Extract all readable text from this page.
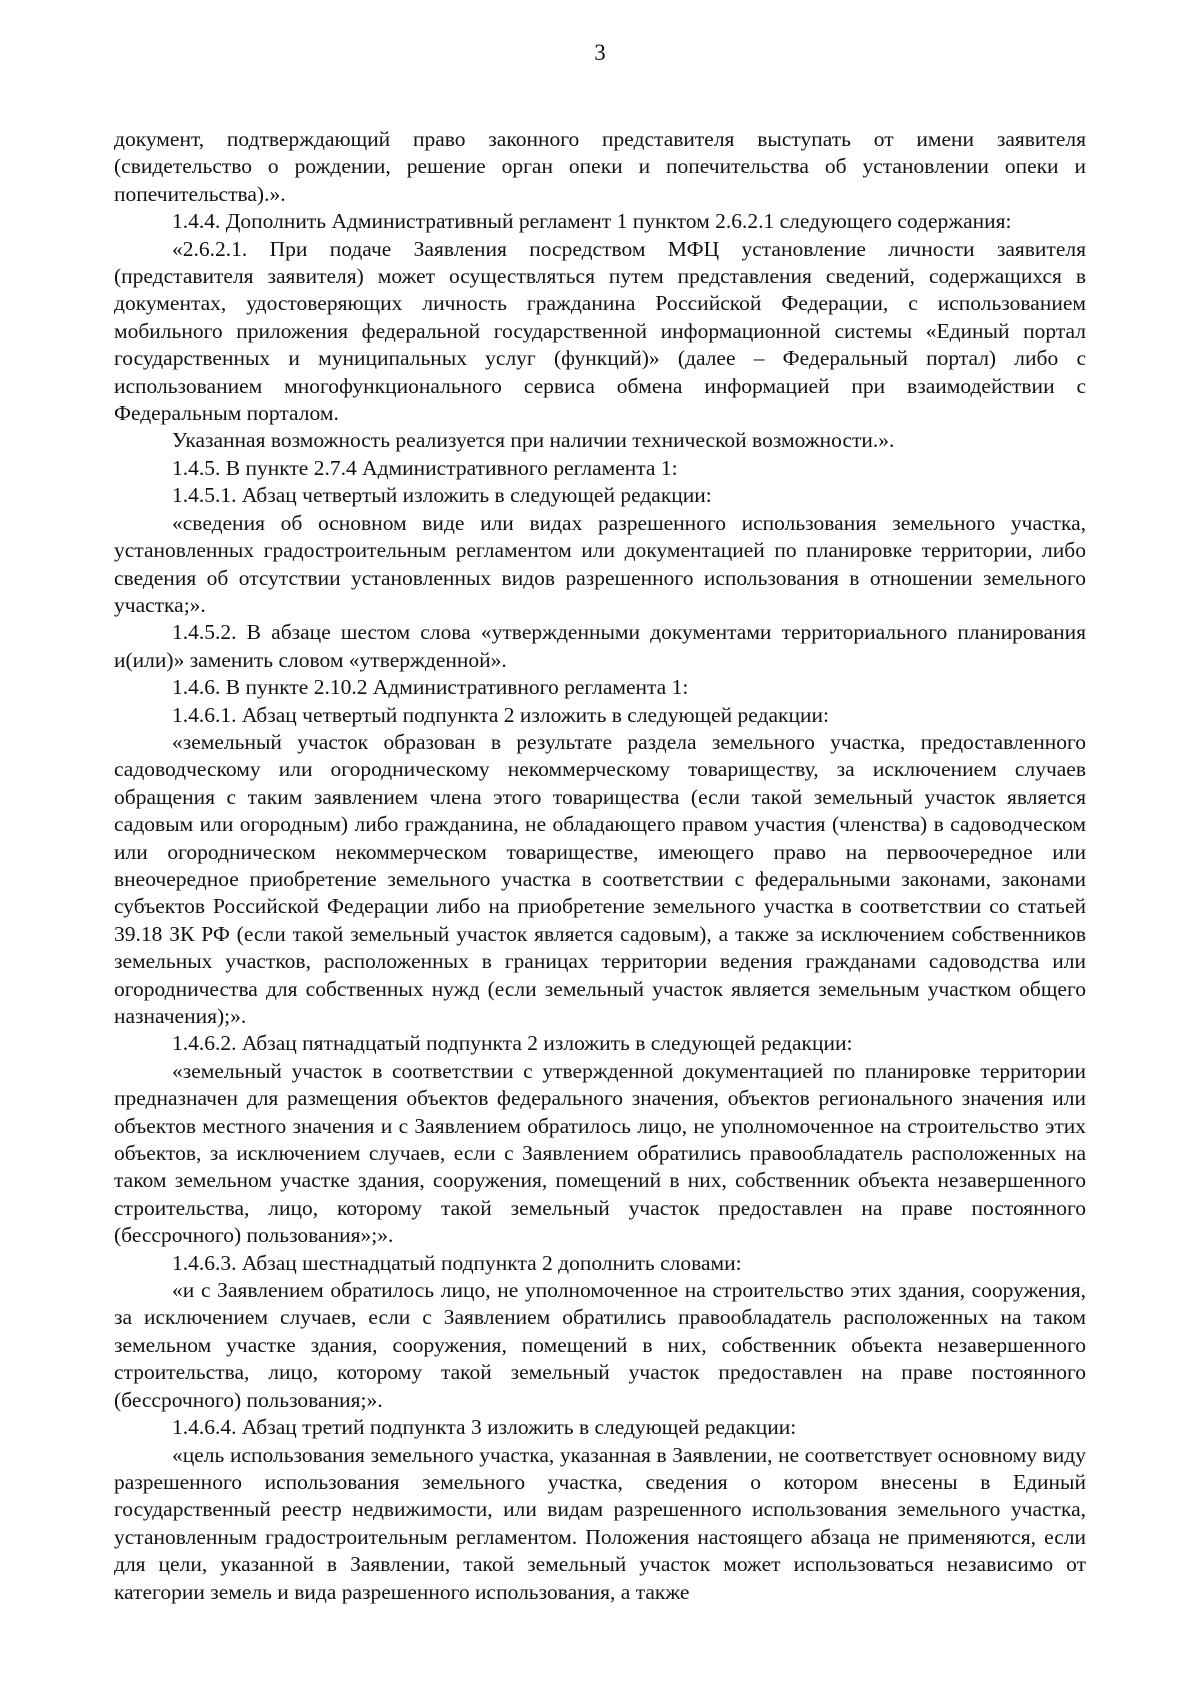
3

документ, подтверждающий право законного представителя выступать от имени заявителя (свидетельство о рождении, решение орган опеки и попечительства об установлении опеки и попечительства).».

1.4.4. Дополнить Административный регламент 1 пунктом 2.6.2.1 следующего содержания:

«2.6.2.1. При подаче Заявления посредством МФЦ установление личности заявителя (представителя заявителя) может осуществляться путем представления сведений, содержащихся в документах, удостоверяющих личность гражданина Российской Федерации, с использованием мобильного приложения федеральной государственной информационной системы «Единый портал государственных и муниципальных услуг (функций)» (далее – Федеральный портал) либо с использованием многофункционального сервиса обмена информацией при взаимодействии с Федеральным порталом.

Указанная возможность реализуется при наличии технической возможности.».

1.4.5. В пункте 2.7.4 Административного регламента 1:

1.4.5.1. Абзац четвертый изложить в следующей редакции:

«сведения об основном виде или видах разрешенного использования земельного участка, установленных градостроительным регламентом или документацией по планировке территории, либо сведения об отсутствии установленных видов разрешенного использования в отношении земельного участка;».

1.4.5.2. В абзаце шестом слова «утвержденными документами территориального планирования и(или)» заменить словом «утвержденной».

1.4.6. В пункте 2.10.2 Административного регламента 1:

1.4.6.1. Абзац четвертый подпункта 2 изложить в следующей редакции:

«земельный участок образован в результате раздела земельного участка, предоставленного садоводческому или огородническому некоммерческому товариществу, за исключением случаев обращения с таким заявлением члена этого товарищества (если такой земельный участок является садовым или огородным) либо гражданина, не обладающего правом участия (членства) в садоводческом или огородническом некоммерческом товариществе, имеющего право на первоочередное или внеочередное приобретение земельного участка в соответствии с федеральными законами, законами субъектов Российской Федерации либо на приобретение земельного участка в соответствии со статьей 39.18 ЗК РФ (если такой земельный участок является садовым), а также за исключением собственников земельных участков, расположенных в границах территории ведения гражданами садоводства или огородничества для собственных нужд (если земельный участок является земельным участком общего назначения);».

1.4.6.2. Абзац пятнадцатый подпункта 2 изложить в следующей редакции:

«земельный участок в соответствии с утвержденной документацией по планировке территории предназначен для размещения объектов федерального значения, объектов регионального значения или объектов местного значения и с Заявлением обратилось лицо, не уполномоченное на строительство этих объектов, за исключением случаев, если с Заявлением обратились правообладатель расположенных на таком земельном участке здания, сооружения, помещений в них, собственник объекта незавершенного строительства, лицо, которому такой земельный участок предоставлен на праве постоянного (бессрочного) пользования»;».

1.4.6.3. Абзац шестнадцатый подпункта 2 дополнить словами:

«и с Заявлением обратилось лицо, не уполномоченное на строительство этих здания, сооружения, за исключением случаев, если с Заявлением обратились правообладатель расположенных на таком земельном участке здания, сооружения, помещений в них, собственник объекта незавершенного строительства, лицо, которому такой земельный участок предоставлен на праве постоянного (бессрочного) пользования;».

1.4.6.4. Абзац третий подпункта 3 изложить в следующей редакции:

«цель использования земельного участка, указанная в Заявлении, не соответствует основному виду разрешенного использования земельного участка, сведения о котором внесены в Единый государственный реестр недвижимости, или видам разрешенного использования земельного участка, установленным градостроительным регламентом. Положения настоящего абзаца не применяются, если для цели, указанной в Заявлении, такой земельный участок может использоваться независимо от категории земель и вида разрешенного использования, а также
